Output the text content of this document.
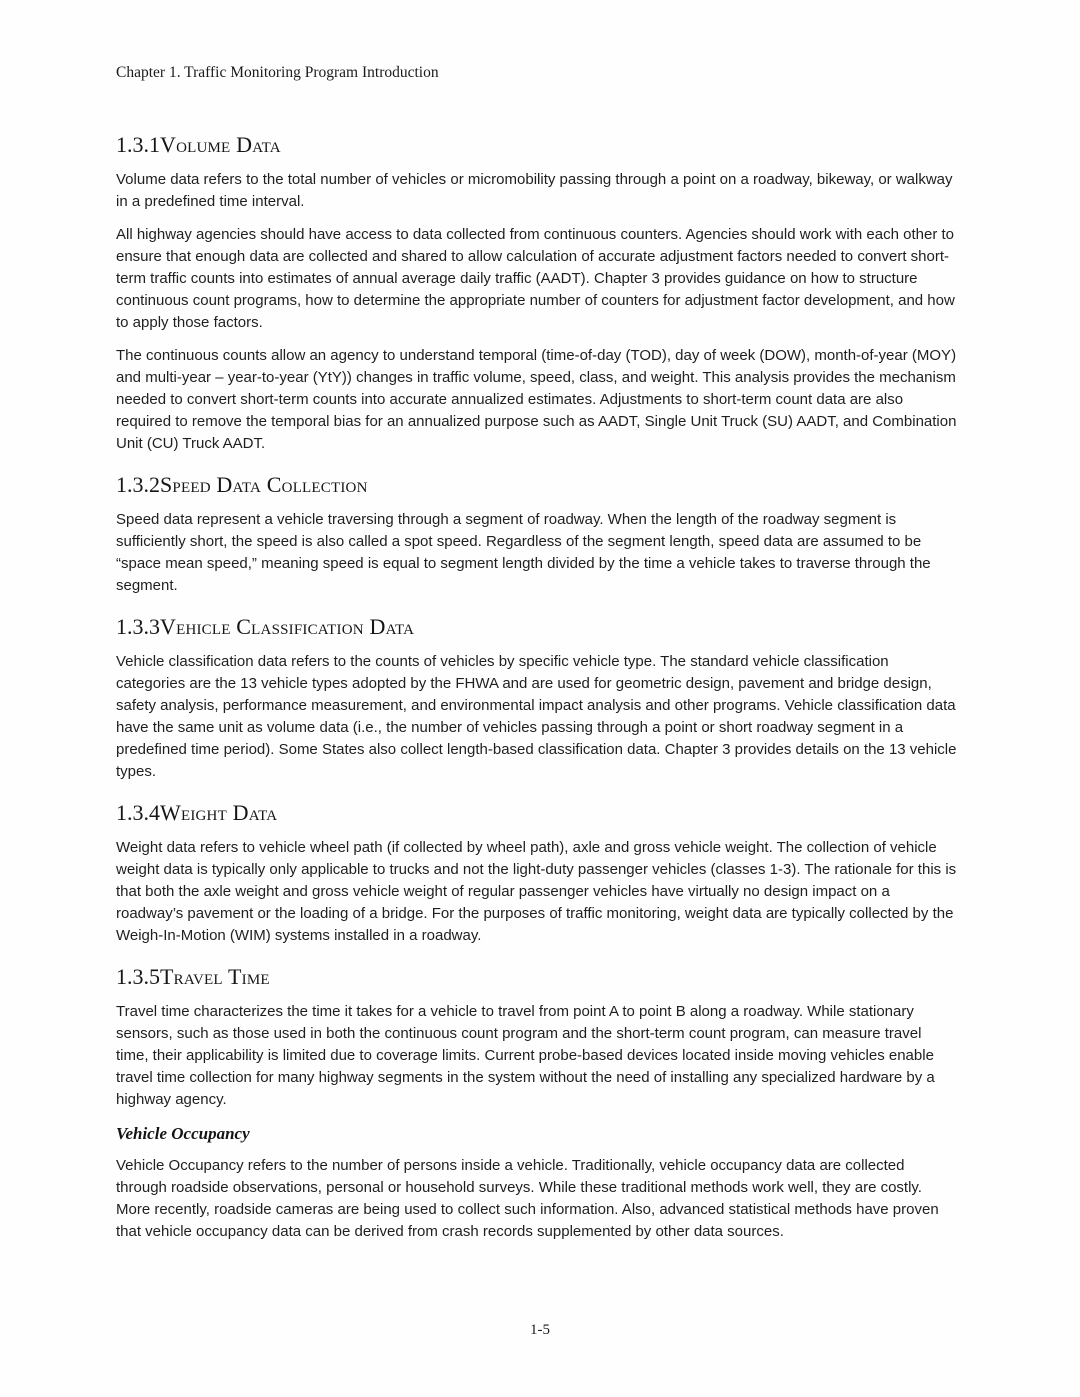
Chapter 1. Traffic Monitoring Program Introduction
1.3.1 Volume Data

Volume data refers to the total number of vehicles or micromobility passing through a point on a roadway, bikeway, or walkway in a predefined time interval.

All highway agencies should have access to data collected from continuous counters. Agencies should work with each other to ensure that enough data are collected and shared to allow calculation of accurate adjustment factors needed to convert short-term traffic counts into estimates of annual average daily traffic (AADT). Chapter 3 provides guidance on how to structure continuous count programs, how to determine the appropriate number of counters for adjustment factor development, and how to apply those factors.

The continuous counts allow an agency to understand temporal (time-of-day (TOD), day of week (DOW), month-of-year (MOY) and multi-year – year-to-year (YtY)) changes in traffic volume, speed, class, and weight. This analysis provides the mechanism needed to convert short-term counts into accurate annualized estimates. Adjustments to short-term count data are also required to remove the temporal bias for an annualized purpose such as AADT, Single Unit Truck (SU) AADT, and Combination Unit (CU) Truck AADT.

1.3.2 Speed Data Collection

Speed data represent a vehicle traversing through a segment of roadway. When the length of the roadway segment is sufficiently short, the speed is also called a spot speed. Regardless of the segment length, speed data are assumed to be “space mean speed,” meaning speed is equal to segment length divided by the time a vehicle takes to traverse through the segment.

1.3.3 Vehicle Classification Data

Vehicle classification data refers to the counts of vehicles by specific vehicle type. The standard vehicle classification categories are the 13 vehicle types adopted by the FHWA and are used for geometric design, pavement and bridge design, safety analysis, performance measurement, and environmental impact analysis and other programs. Vehicle classification data have the same unit as volume data (i.e., the number of vehicles passing through a point or short roadway segment in a predefined time period). Some States also collect length-based classification data. Chapter 3 provides details on the 13 vehicle types.

1.3.4 Weight Data

Weight data refers to vehicle wheel path (if collected by wheel path), axle and gross vehicle weight. The collection of vehicle weight data is typically only applicable to trucks and not the light-duty passenger vehicles (classes 1-3). The rationale for this is that both the axle weight and gross vehicle weight of regular passenger vehicles have virtually no design impact on a roadway’s pavement or the loading of a bridge. For the purposes of traffic monitoring, weight data are typically collected by the Weigh-In-Motion (WIM) systems installed in a roadway.

1.3.5 Travel Time

Travel time characterizes the time it takes for a vehicle to travel from point A to point B along a roadway. While stationary sensors, such as those used in both the continuous count program and the short-term count program, can measure travel time, their applicability is limited due to coverage limits. Current probe-based devices located inside moving vehicles enable travel time collection for many highway segments in the system without the need of installing any specialized hardware by a highway agency.

Vehicle Occupancy

Vehicle Occupancy refers to the number of persons inside a vehicle. Traditionally, vehicle occupancy data are collected through roadside observations, personal or household surveys. While these traditional methods work well, they are costly. More recently, roadside cameras are being used to collect such information. Also, advanced statistical methods have proven that vehicle occupancy data can be derived from crash records supplemented by other data sources.

1-5
